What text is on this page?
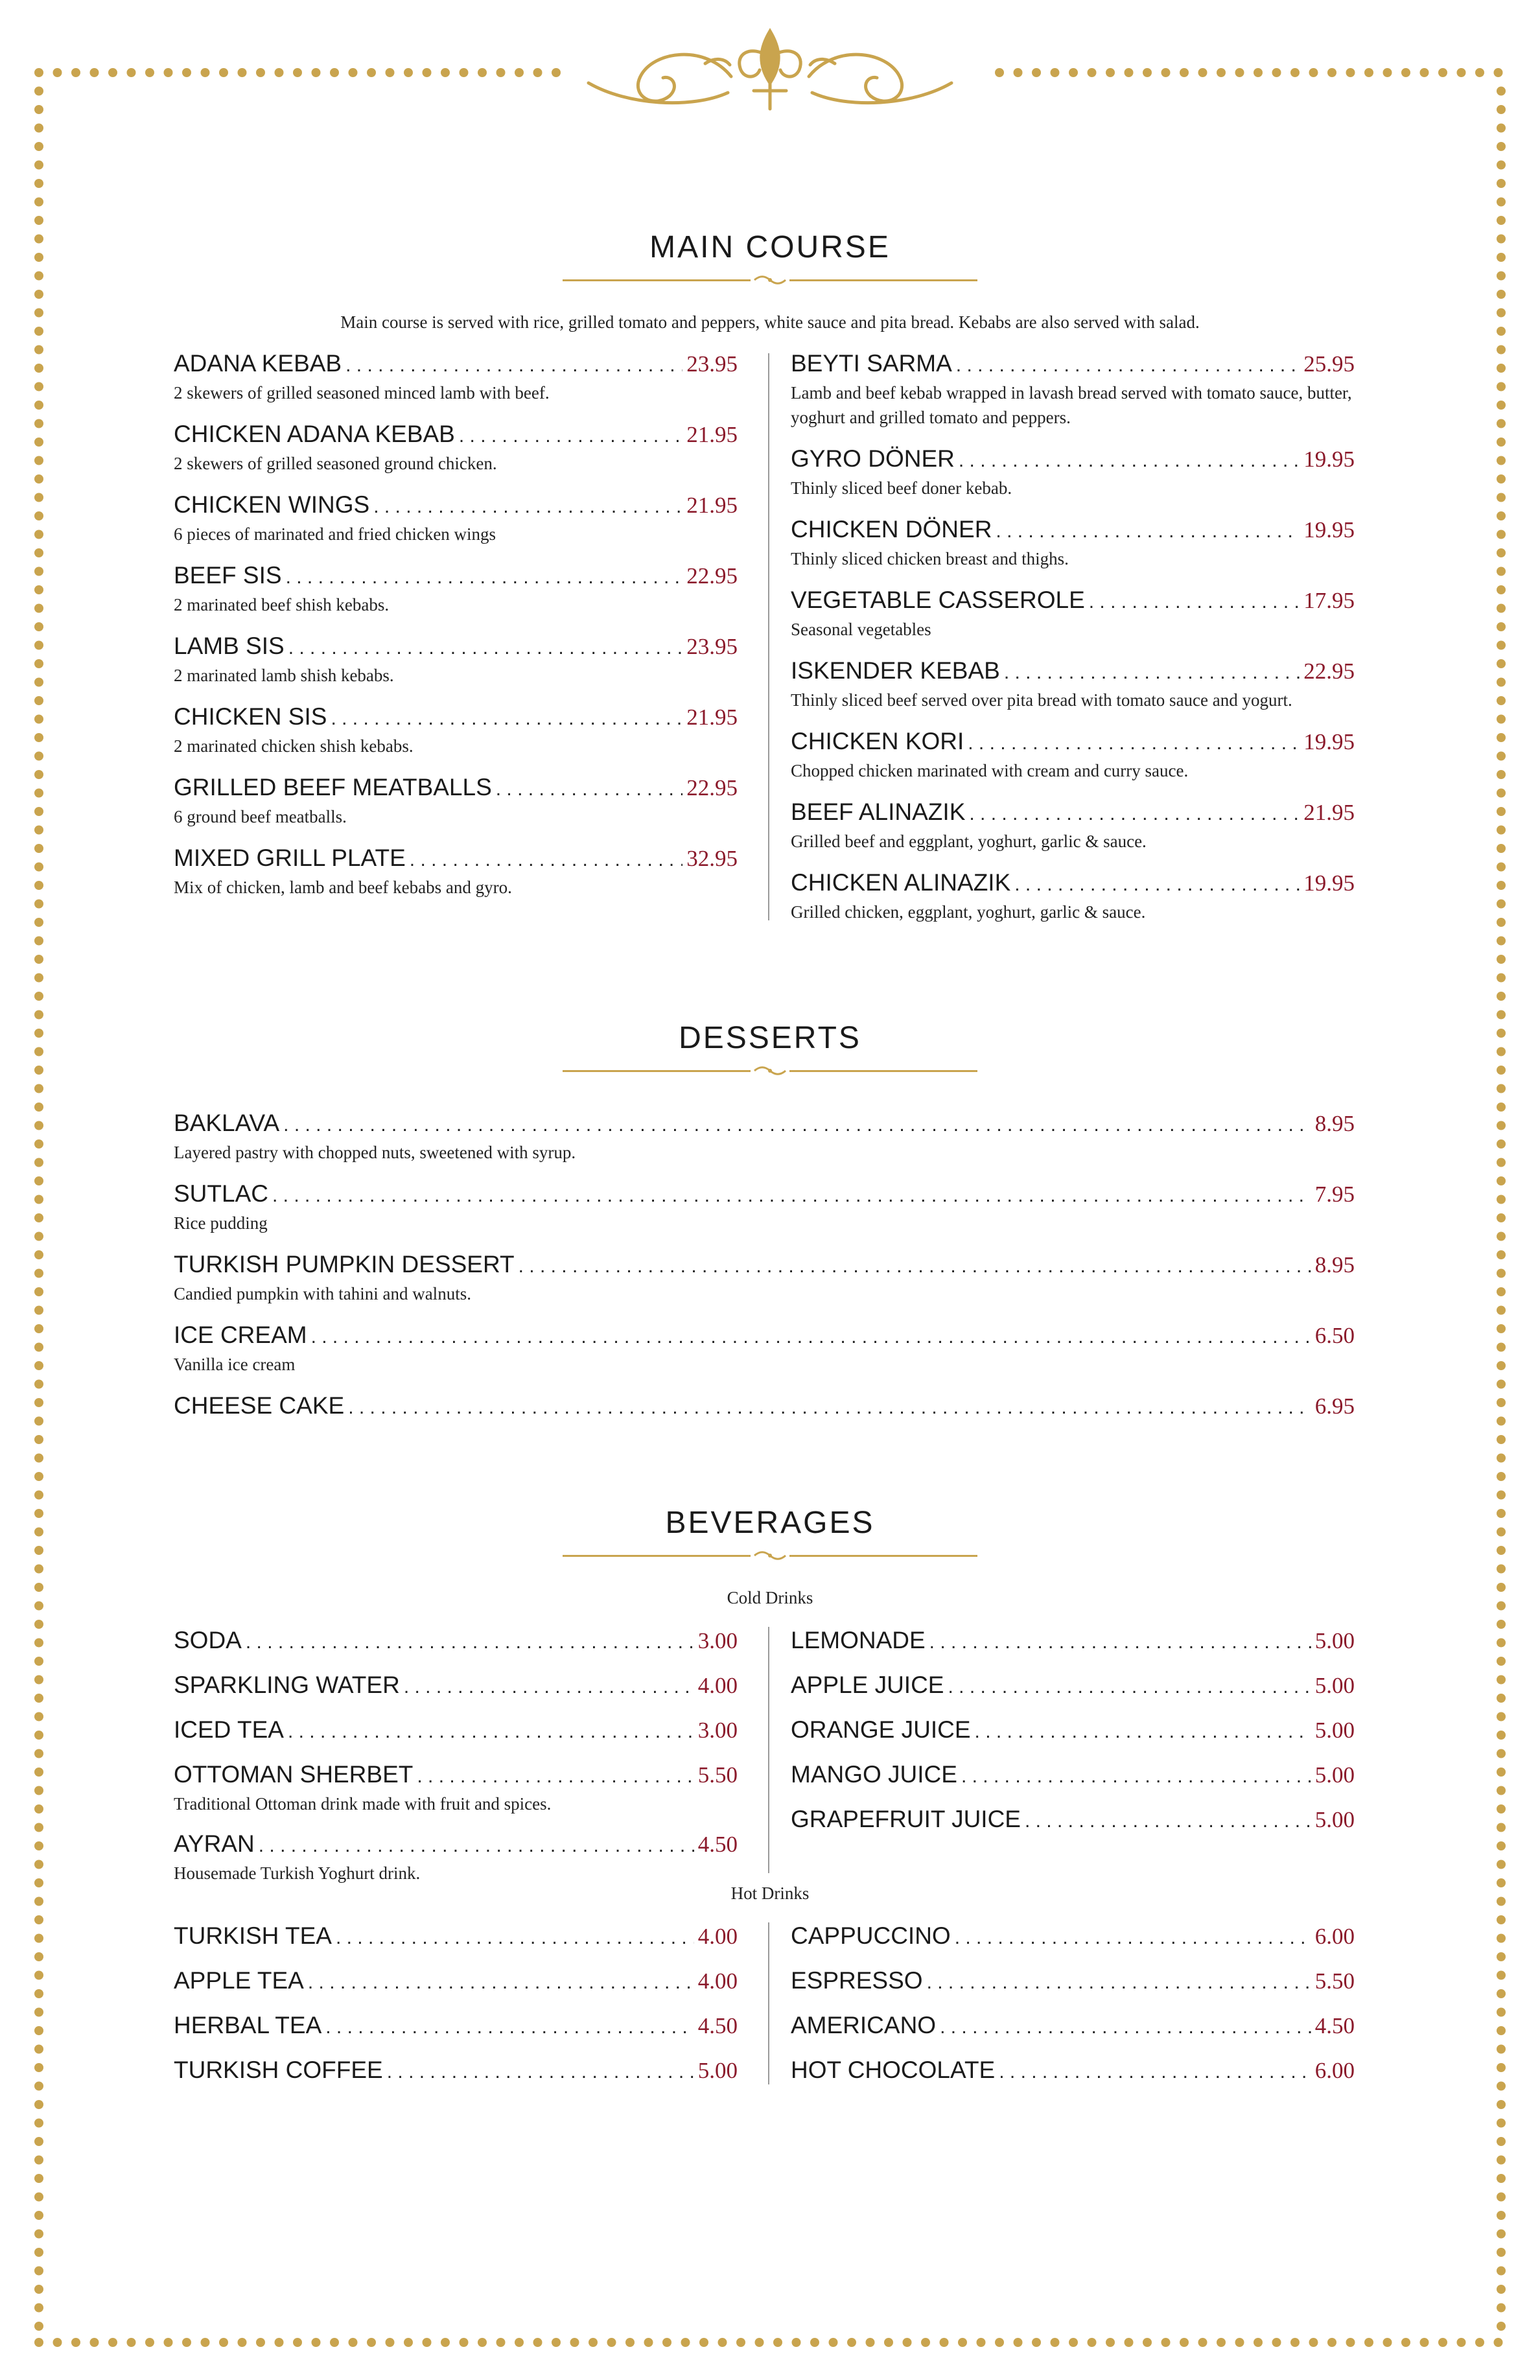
MAIN COURSE
Main course is served with rice, grilled tomato and peppers, white sauce and pita bread. Kebabs are also served with salad.
ADANA KEBAB . . .	23.95
2 skewers of grilled seasoned minced lamb with beef.
CHICKEN ADANA KEBAB . . .	21.95
2 skewers of grilled seasoned ground chicken.
CHICKEN WINGS . . .	21.95
6 pieces of marinated and fried chicken wings
BEEF SIS . . .	22.95
2 marinated beef shish kebabs.
LAMB SIS . . .	23.95
2 marinated lamb shish kebabs.
CHICKEN SIS . . .	21.95
2 marinated chicken shish kebabs.
GRILLED BEEF MEATBALLS . . .	22.95
6 ground beef meatballs.
MIXED GRILL PLATE . . .	32.95
Mix of chicken, lamb and beef kebabs and gyro.
BEYTI SARMA . . .	25.95
Lamb and beef kebab wrapped in lavash bread served with tomato sauce, butter, yoghurt and grilled tomato and peppers.
GYRO DÖNER . . .	19.95
Thinly sliced beef doner kebab.
CHICKEN DÖNER . . .	19.95
Thinly sliced chicken breast and thighs.
VEGETABLE CASSEROLE . . .	17.95
Seasonal vegetables
ISKENDER KEBAB . . .	22.95
Thinly sliced beef served over pita bread with tomato sauce and yogurt.
CHICKEN KORI . . .	19.95
Chopped chicken marinated with cream and curry sauce.
BEEF ALINAZIK . . .	21.95
Grilled beef and eggplant, yoghurt, garlic & sauce.
CHICKEN ALINAZIK . . .	19.95
Grilled chicken, eggplant, yoghurt, garlic & sauce.
DESSERTS
BAKLAVA . . .	8.95
Layered pastry with chopped nuts, sweetened with syrup.
SUTLAC . . .	7.95
Rice pudding
TURKISH PUMPKIN DESSERT . . .	8.95
Candied pumpkin with tahini and walnuts.
ICE CREAM . . .	6.50
Vanilla ice cream
CHEESE CAKE . . .	6.95
BEVERAGES
Cold Drinks
SODA . . .	3.00
SPARKLING WATER . . .	4.00
ICED TEA . . .	3.00
OTTOMAN SHERBET . . .	5.50
Traditional Ottoman drink made with fruit and spices.
AYRAN . . .	4.50
Housemade Turkish Yoghurt drink.
LEMONADE . . .	5.00
APPLE JUICE . . .	5.00
ORANGE JUICE . . .	5.00
MANGO JUICE . . .	5.00
GRAPEFRUIT JUICE . . .	5.00
Hot Drinks
TURKISH TEA . . .	4.00
APPLE TEA . . .	4.00
HERBAL TEA . . .	4.50
TURKISH COFFEE . . .	5.00
CAPPUCCINO . . .	6.00
ESPRESSO . . .	5.50
AMERICANO . . .	4.50
HOT CHOCOLATE . . .	6.00
